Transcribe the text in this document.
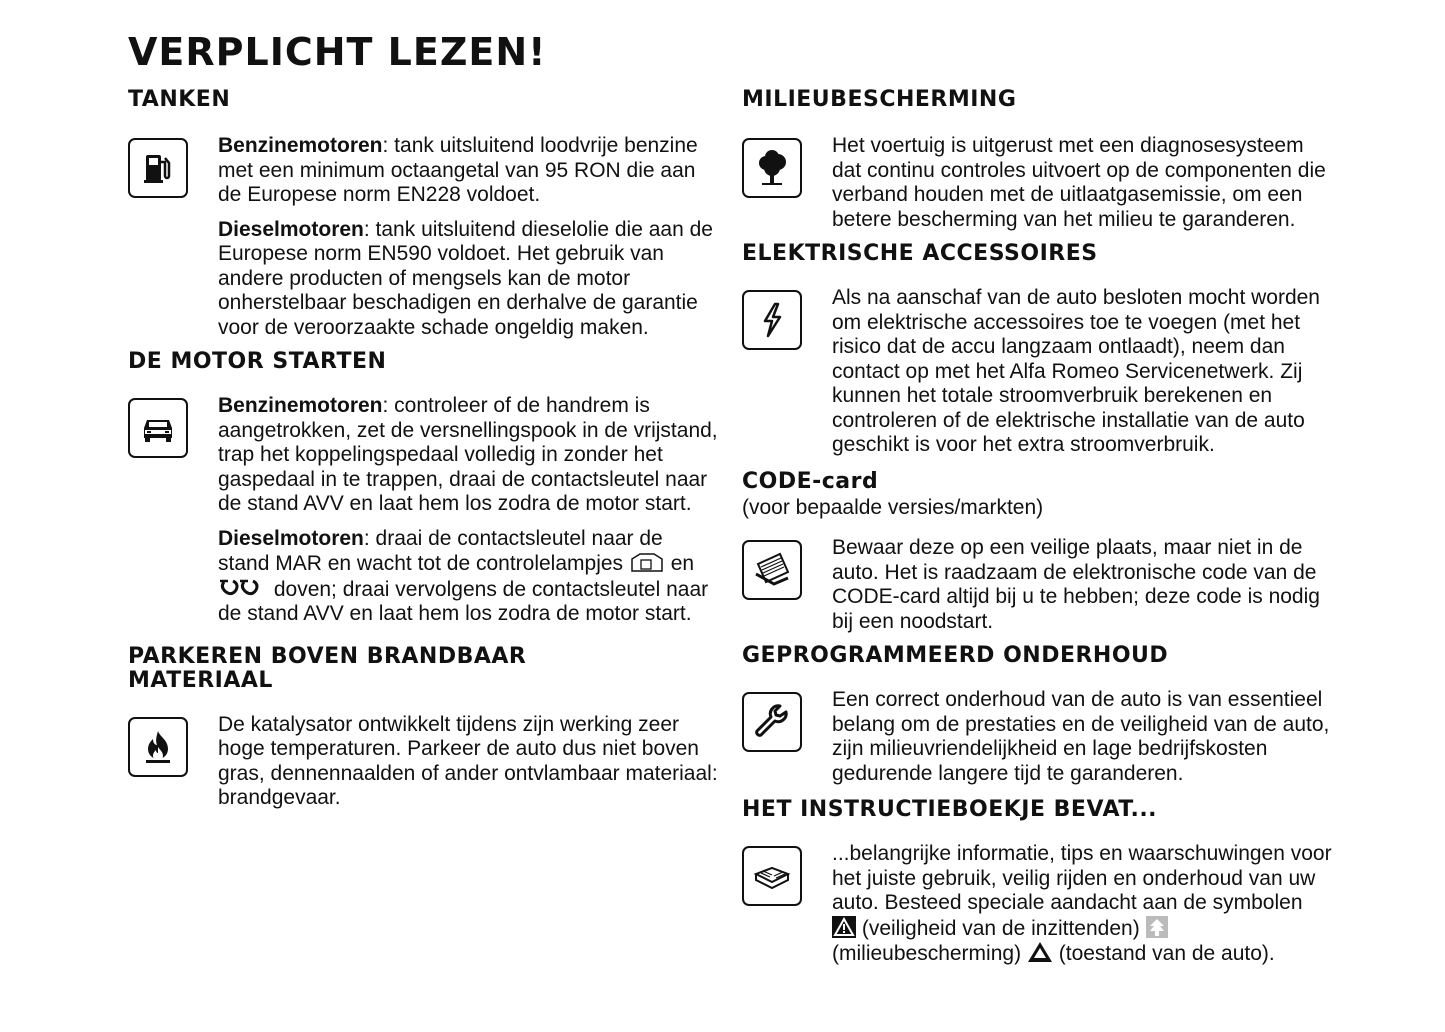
VERPLICHT LEZEN!
TANKEN

Benzinemotoren: tank uitsluitend loodvrije benzine met een minimum octaangetal van 95 RON die aan de Europese norm EN228 voldoet.

Dieselmotoren: tank uitsluitend dieselolie die aan de Europese norm EN590 voldoet. Het gebruik van andere producten of mengsels kan de motor onherstelbaar beschadigen en derhalve de garantie voor de veroorzaakte schade ongeldig maken.

DE MOTOR STARTEN

Benzinemotoren: controleer of de handrem is aangetrokken, zet de versnellingspook in de vrijstand, trap het koppelingspedaal volledig in zonder het gaspedaal in te trappen, draai de contactsleutel naar de stand AVV en laat hem los zodra de motor start.

Dieselmotoren: draai de contactsleutel naar de stand MAR en wacht tot de controlelampjes en  doven; draai vervolgens de contactsleutel naar de stand AVV en laat hem los zodra de motor start.

PARKEREN BOVEN BRANDBAAR
MATERIAAL

De katalysator ontwikkelt tijdens zijn werking zeer hoge temperaturen. Parkeer de auto dus niet boven gras, dennennaalden of ander ontvlambaar materiaal: brandgevaar.

MILIEUBESCHERMING

Het voertuig is uitgerust met een diagnosesysteem dat continu controles uitvoert op de componenten die verband houden met de uitlaatgasemissie, om een betere bescherming van het milieu te garanderen.

ELEKTRISCHE ACCESSOIRES

Als na aanschaf van de auto besloten mocht worden om elektrische accessoires toe te voegen (met het risico dat de accu langzaam ontlaadt), neem dan contact op met het Alfa Romeo Servicenetwerk. Zij kunnen het totale stroomverbruik berekenen en controleren of de elektrische installatie van de auto geschikt is voor het extra stroomverbruik.

CODE-card

(voor bepaalde versies/markten)

Bewaar deze op een veilige plaats, maar niet in de auto. Het is raadzaam de elektronische code van de CODE-card altijd bij u te hebben; deze code is nodig bij een noodstart.

GEPROGRAMMEERD ONDERHOUD

Een correct onderhoud van de auto is van essentieel belang om de prestaties en de veiligheid van de auto, zijn milieuvriendelijkheid en lage bedrijfskosten gedurende langere tijd te garanderen.

HET INSTRUCTIEBOEKJE BEVAT...

...belangrijke informatie, tips en waarschuwingen voor het juiste gebruik, veilig rijden en onderhoud van uw auto. Besteed speciale aandacht aan de symbolen  (veiligheid van de inzittenden)  (milieubescherming) (toestand van de auto).
